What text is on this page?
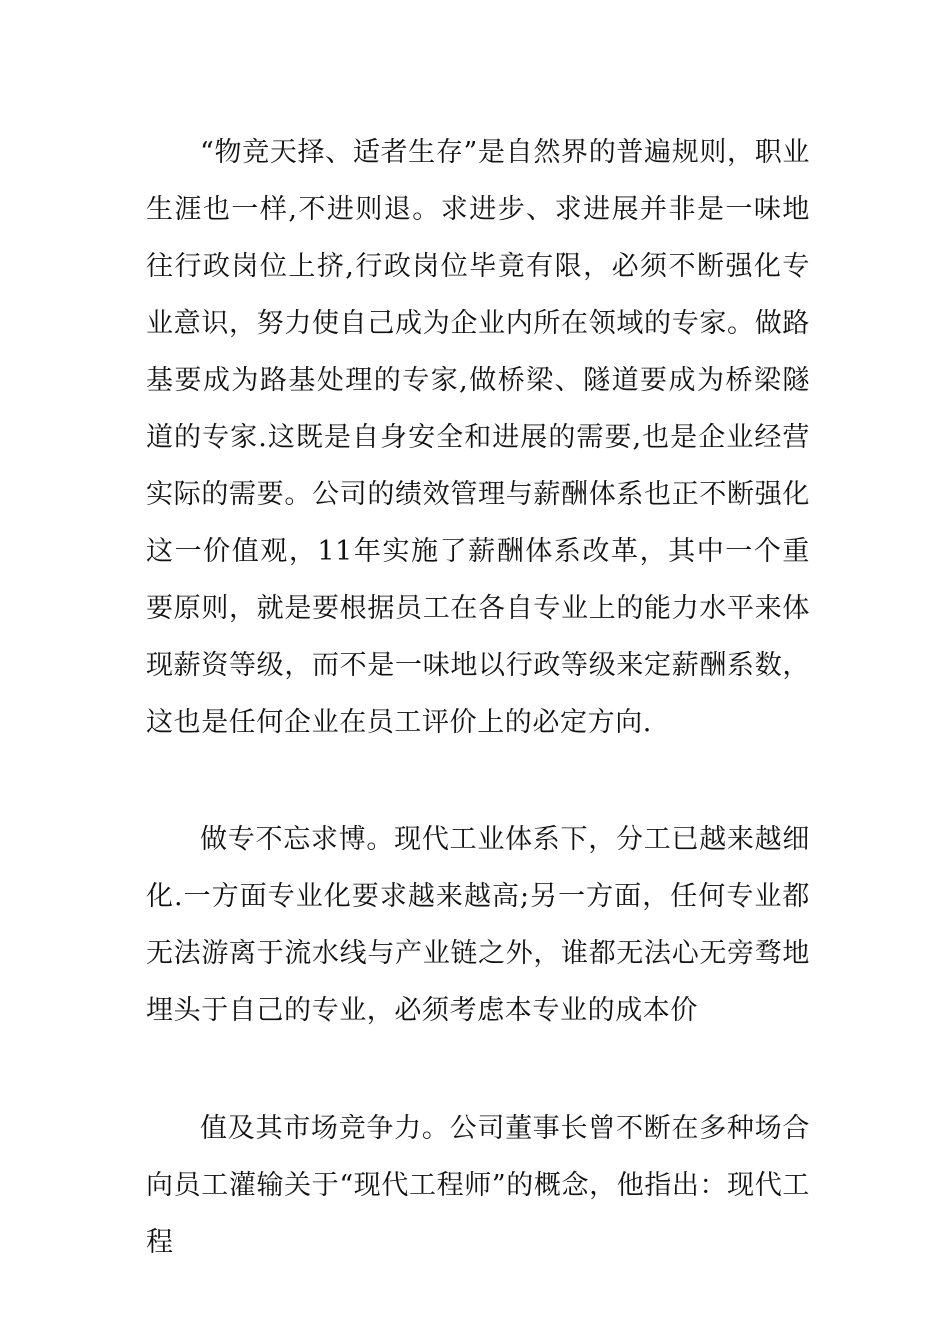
“物竞天择、适者生存”是自然界的普遍规则，职业生涯也一样,不进则退。求进步、求进展并非是一味地往行政岗位上挤,行政岗位毕竟有限，必须不断强化专业意识，努力使自己成为企业内所在领域的专家。做路基要成为路基处理的专家,做桥梁、隧道要成为桥梁隧道的专家.这既是自身安全和进展的需要,也是企业经营实际的需要。公司的绩效管理与薪酬体系也正不断强化这一价值观，11年实施了薪酬体系改革，其中一个重要原则，就是要根据员工在各自专业上的能力水平来体现薪资等级，而不是一味地以行政等级来定薪酬系数，这也是任何企业在员工评价上的必定方向.

做专不忘求博。现代工业体系下，分工已越来越细化.一方面专业化要求越来越高;另一方面，任何专业都无法游离于流水线与产业链之外，谁都无法心无旁骛地埋头于自己的专业，必须考虑本专业的成本价

值及其市场竞争力。公司董事长曾不断在多种场合向员工灌输关于“现代工程师”的概念，他指出：现代工程
